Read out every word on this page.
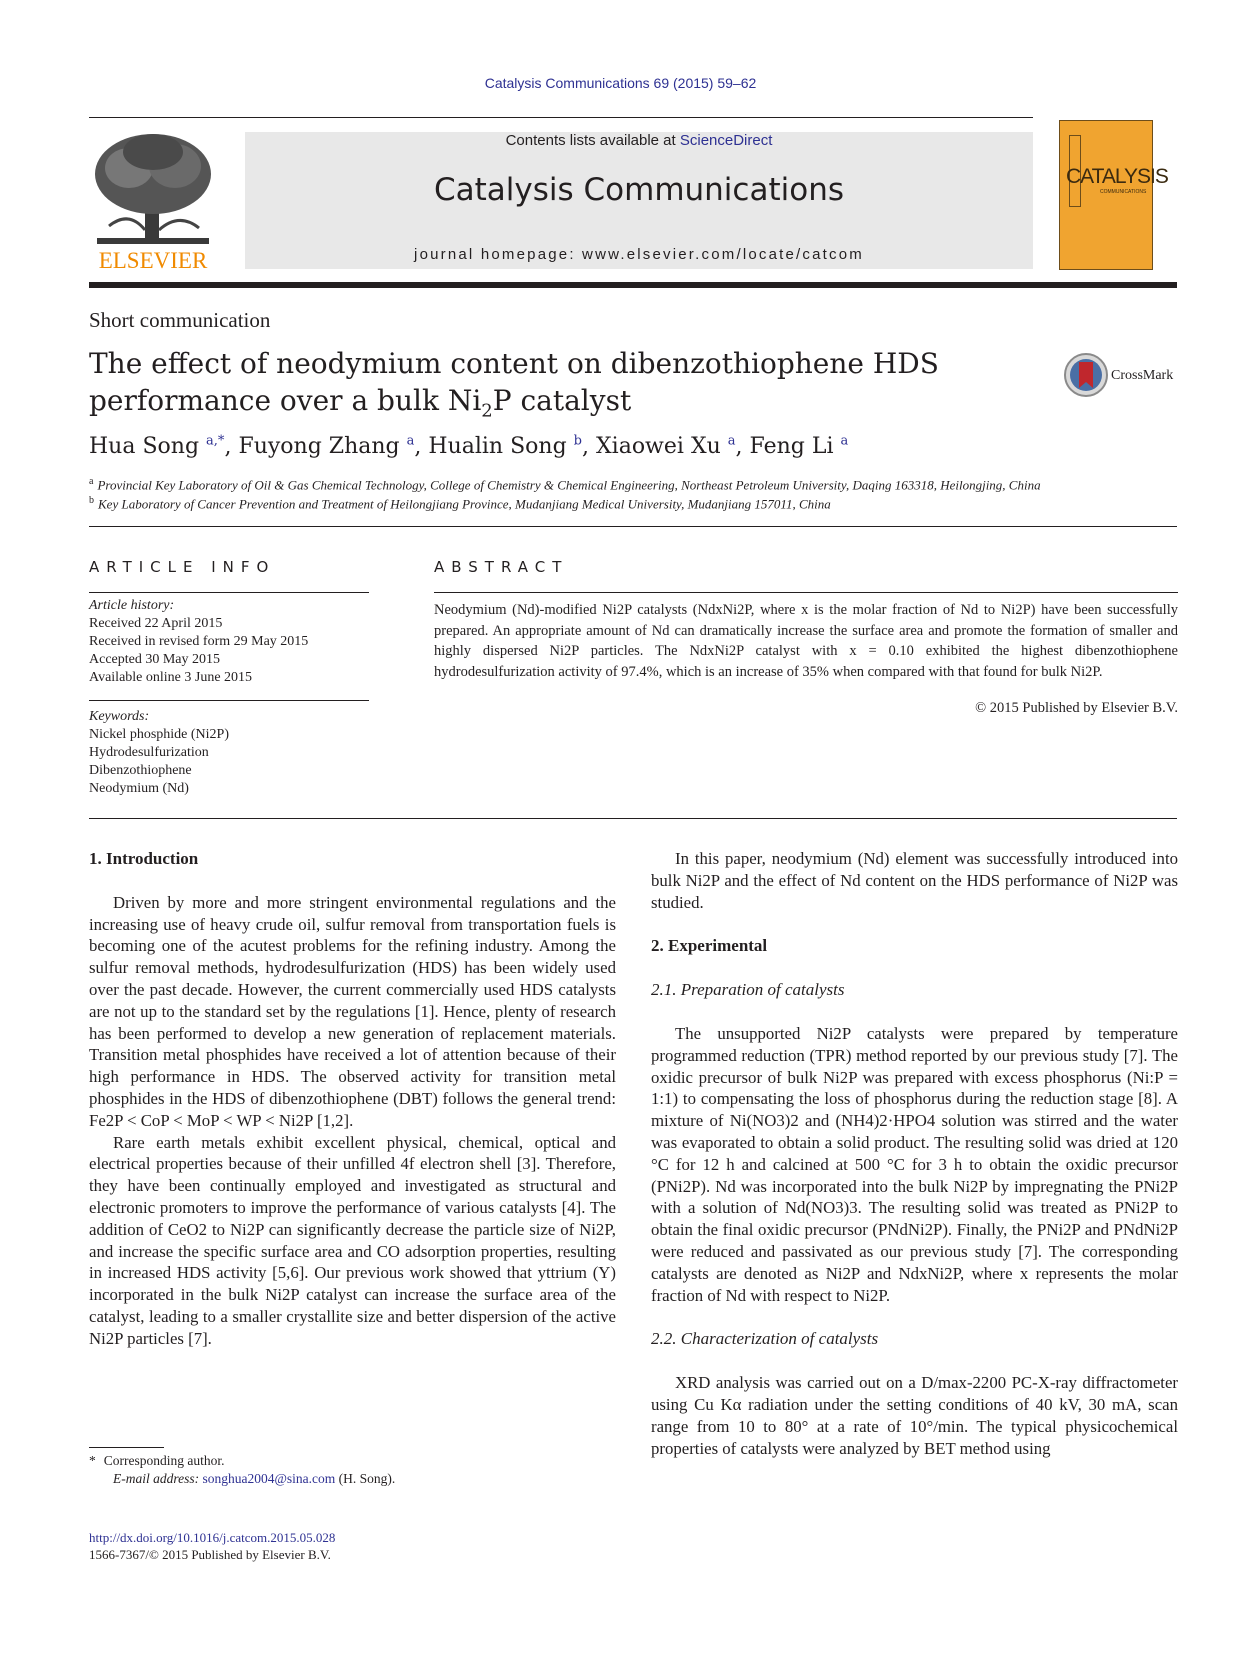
Catalysis Communications 69 (2015) 59–62
ELSEVIER
Contents lists available at ScienceDirect
Catalysis Communications
journal homepage: www.elsevier.com/locate/catcom
CATALYSIS
COMMUNICATIONS
Short communication
The effect of neodymium content on dibenzothiophene HDS
performance over a bulk $Ni_2P$ catalyst
CrossMark
Hua Song $^{a,*}$, Fuyong Zhang $^a$, Hualin Song $^b$, Xiaowei Xu $^a$, Feng Li $^a$
$^a$ Provincial Key Laboratory of Oil & Gas Chemical Technology, College of Chemistry & Chemical Engineering, Northeast Petroleum University, Daqing 163318, Heilongjing, China
$^b$ Key Laboratory of Cancer Prevention and Treatment of Heilongjiang Province, Mudanjiang Medical University, Mudanjiang 157011, China
ARTICLE INFO
Article history:
Received 22 April 2015
Received in revised form 29 May 2015
Accepted 30 May 2015
Available online 3 June 2015
Keywords:
Nickel phosphide (Ni2P)
Hydrodesulfurization
Dibenzothiophene
Neodymium (Nd)
ABSTRACT
Neodymium (Nd)-modified Ni2P catalysts (NdxNi2P, where x is the molar fraction of Nd to Ni2P) have been successfully prepared. An appropriate amount of Nd can dramatically increase the surface area and promote the formation of smaller and highly dispersed Ni2P particles. The NdxNi2P catalyst with x = 0.10 exhibited the highest dibenzothiophene hydrodesulfurization activity of 97.4%, which is an increase of 35% when compared with that found for bulk Ni2P.
© 2015 Published by Elsevier B.V.
1. Introduction

Driven by more and more stringent environmental regulations and the increasing use of heavy crude oil, sulfur removal from transportation fuels is becoming one of the acutest problems for the refining industry. Among the sulfur removal methods, hydrodesulfurization (HDS) has been widely used over the past decade. However, the current commercially used HDS catalysts are not up to the standard set by the regulations [1]. Hence, plenty of research has been performed to develop a new generation of replacement materials. Transition metal phosphides have received a lot of attention because of their high performance in HDS. The observed activity for transition metal phosphides in the HDS of dibenzothiophene (DBT) follows the general trend: Fe2P < CoP < MoP < WP < Ni2P [1,2].

Rare earth metals exhibit excellent physical, chemical, optical and electrical properties because of their unfilled 4f electron shell [3]. Therefore, they have been continually employed and investigated as structural and electronic promoters to improve the performance of various catalysts [4]. The addition of CeO2 to Ni2P can significantly decrease the particle size of Ni2P, and increase the specific surface area and CO adsorption properties, resulting in increased HDS activity [5,6]. Our previous work showed that yttrium (Y) incorporated in the bulk Ni2P catalyst can increase the surface area of the catalyst, leading to a smaller crystallite size and better dispersion of the active Ni2P particles [7].

In this paper, neodymium (Nd) element was successfully introduced into bulk Ni2P and the effect of Nd content on the HDS performance of Ni2P was studied.

2. Experimental
2.1. Preparation of catalysts

The unsupported Ni2P catalysts were prepared by temperature programmed reduction (TPR) method reported by our previous study [7]. The oxidic precursor of bulk Ni2P was prepared with excess phosphorus (Ni:P = 1:1) to compensating the loss of phosphorus during the reduction stage [8]. A mixture of Ni(NO3)2 and (NH4)2·HPO4 solution was stirred and the water was evaporated to obtain a solid product. The resulting solid was dried at 120 °C for 12 h and calcined at 500 °C for 3 h to obtain the oxidic precursor (PNi2P). Nd was incorporated into the bulk Ni2P by impregnating the PNi2P with a solution of Nd(NO3)3. The resulting solid was treated as PNi2P to obtain the final oxidic precursor (PNdNi2P). Finally, the PNi2P and PNdNi2P were reduced and passivated as our previous study [7]. The corresponding catalysts are denoted as Ni2P and NdxNi2P, where x represents the molar fraction of Nd with respect to Ni2P.

2.2. Characterization of catalysts

XRD analysis was carried out on a D/max-2200 PC-X-ray diffractometer using Cu Kα radiation under the setting conditions of 40 kV, 30 mA, scan range from 10 to 80° at a rate of 10°/min. The typical physicochemical properties of catalysts were analyzed by BET method using

* Corresponding author.
E-mail address: songhua2004@sina.com (H. Song).
http://dx.doi.org/10.1016/j.catcom.2015.05.028
1566-7367/© 2015 Published by Elsevier B.V.
